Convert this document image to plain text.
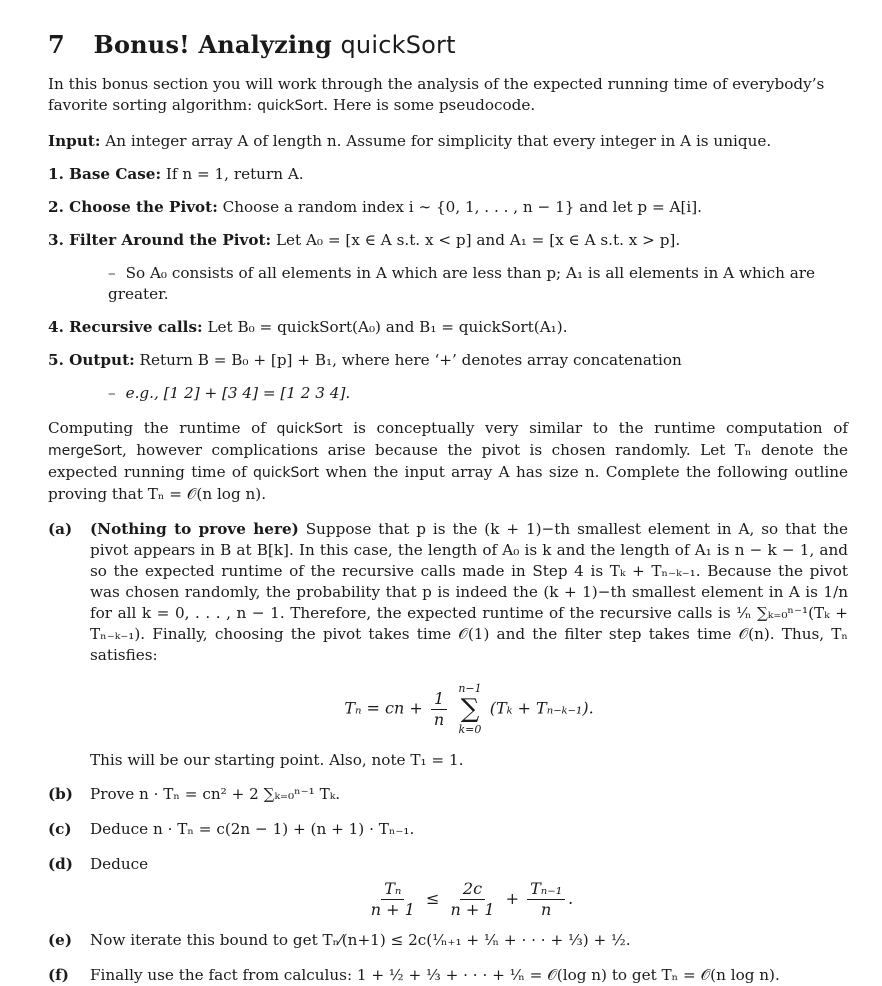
7 Bonus! Analyzing quickSort

In this bonus section you will work through the analysis of the expected running time of everybody’s favorite sorting algorithm: quickSort. Here is some pseudocode.

Input: An integer array A of length n. Assume for simplicity that every integer in A is unique.

1. Base Case: If n = 1, return A.

2. Choose the Pivot: Choose a random index i ∼ {0, 1, . . . , n − 1} and let p = A[i].

3. Filter Around the Pivot: Let A₀ = [x ∈ A s.t. x < p] and A₁ = [x ∈ A s.t. x > p].

– So A₀ consists of all elements in A which are less than p; A₁ is all elements in A which are greater.

4. Recursive calls: Let B₀ = quickSort(A₀) and B₁ = quickSort(A₁).

5. Output: Return B = B₀ + [p] + B₁, where here ‘+’ denotes array concatenation

– e.g., [1 2] + [3 4] = [1 2 3 4].

Computing the runtime of quickSort is conceptually very similar to the runtime computation of mergeSort, however complications arise because the pivot is chosen randomly. Let Tₙ denote the expected running time of quickSort when the input array A has size n. Complete the following outline proving that Tₙ = 𝒪(n log n).

(a)	(Nothing to prove here) Suppose that p is the (k + 1)−th smallest element in A, so that the pivot appears in B at B[k]. In this case, the length of A₀ is k and the length of A₁ is n − k − 1, and so the expected runtime of the recursive calls made in Step 4 is Tₖ + Tₙ₋ₖ₋₁. Because the pivot was chosen randomly, the probability that p is indeed the (k + 1)−th smallest element in A is 1/n for all k = 0, . . . , n − 1. Therefore, the expected runtime of the recursive calls is ¹⁄ₙ ∑ₖ₌₀ⁿ⁻¹(Tₖ + Tₙ₋ₖ₋₁). Finally, choosing the pivot takes time 𝒪(1) and the filter step takes time 𝒪(n). Thus, Tₙ satisfies:
Tₙ = cn + $\frac{1}{n}$
n−1
∑
k=0
(Tₖ + Tₙ₋ₖ₋₁).

This will be our starting point. Also, note T₁ = 1.

(b)	Prove n · Tₙ = cn² + 2 ∑ₖ₌₀ⁿ⁻¹ Tₖ.
(c)	Deduce n · Tₙ = c(2n − 1) + (n + 1) · Tₙ₋₁.
(d)	Deduce
$\frac{\text{Tₙ}}{n + 1} \le \frac{2c}{n + 1} + \frac{\text{Tₙ₋₁}}{n}$ .
(e)	Now iterate this bound to get Tₙ⁄(n+1) ≤ 2c(¹⁄ₙ₊₁ + ¹⁄ₙ + · · · + ⅓) + ½.
(f)	Finally use the fact from calculus: 1 + ½ + ⅓ + · · · + ¹⁄ₙ = 𝒪(log n) to get Tₙ = 𝒪(n log n).
